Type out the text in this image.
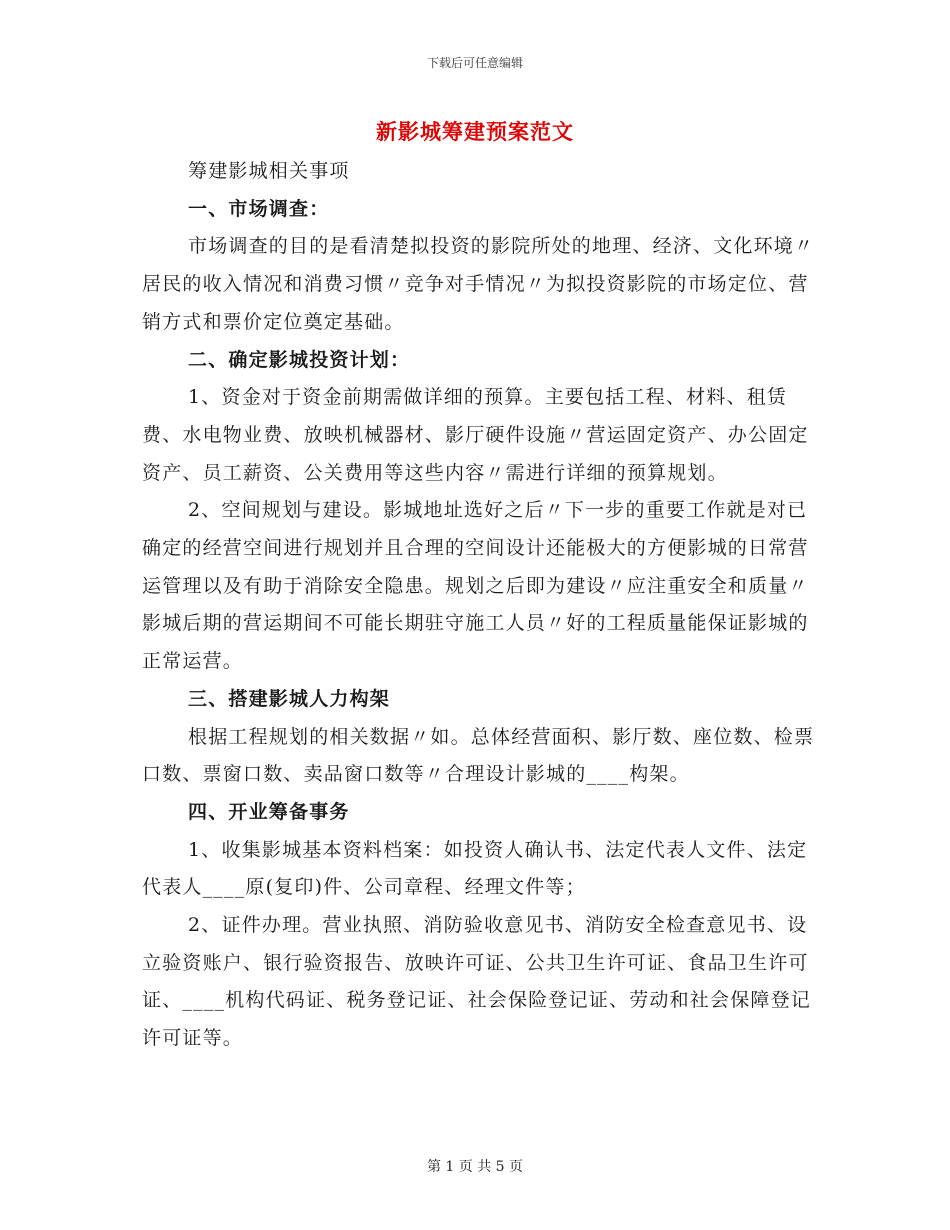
下载后可任意编辑
新影城筹建预案范文
筹建影城相关事项
一、市场调查：
市场调查的目的是看清楚拟投资的影院所处的地理、经济、文化环境〃居民的收入情况和消费习惯〃竞争对手情况〃为拟投资影院的市场定位、营销方式和票价定位奠定基础。
二、确定影城投资计划：
1、资金对于资金前期需做详细的预算。主要包括工程、材料、租赁费、水电物业费、放映机械器材、影厅硬件设施〃营运固定资产、办公固定资产、员工薪资、公关费用等这些内容〃需进行详细的预算规划。
2、空间规划与建设。影城地址选好之后〃下一步的重要工作就是对已确定的经营空间进行规划并且合理的空间设计还能极大的方便影城的日常营运管理以及有助于消除安全隐患。规划之后即为建设〃应注重安全和质量〃影城后期的营运期间不可能长期驻守施工人员〃好的工程质量能保证影城的正常运营。
三、搭建影城人力构架
根据工程规划的相关数据〃如。总体经营面积、影厅数、座位数、检票口数、票窗口数、卖品窗口数等〃合理设计影城的____构架。
四、开业筹备事务
1、收集影城基本资料档案：如投资人确认书、法定代表人文件、法定代表人____原(复印)件、公司章程、经理文件等；
2、证件办理。营业执照、消防验收意见书、消防安全检查意见书、设立验资账户、银行验资报告、放映许可证、公共卫生许可证、食品卫生许可证、____机构代码证、税务登记证、社会保险登记证、劳动和社会保障登记许可证等。
第 1 页 共 5 页
